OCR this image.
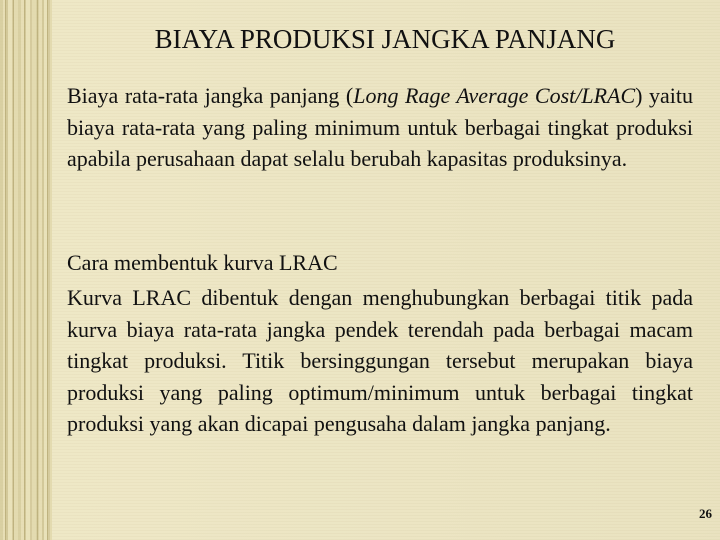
BIAYA PRODUKSI JANGKA PANJANG

Biaya rata-rata jangka panjang (Long Rage Average Cost/LRAC) yaitu biaya rata-rata yang paling minimum untuk berbagai tingkat produksi apabila perusahaan dapat selalu berubah kapasitas produksinya.

Cara membentuk kurva LRAC

Kurva LRAC dibentuk dengan menghubungkan berbagai titik pada kurva biaya rata-rata jangka pendek terendah pada berbagai macam tingkat produksi. Titik bersinggungan tersebut merupakan biaya produksi yang paling optimum/minimum untuk berbagai tingkat produksi yang akan dicapai pengusaha dalam jangka panjang.

26
